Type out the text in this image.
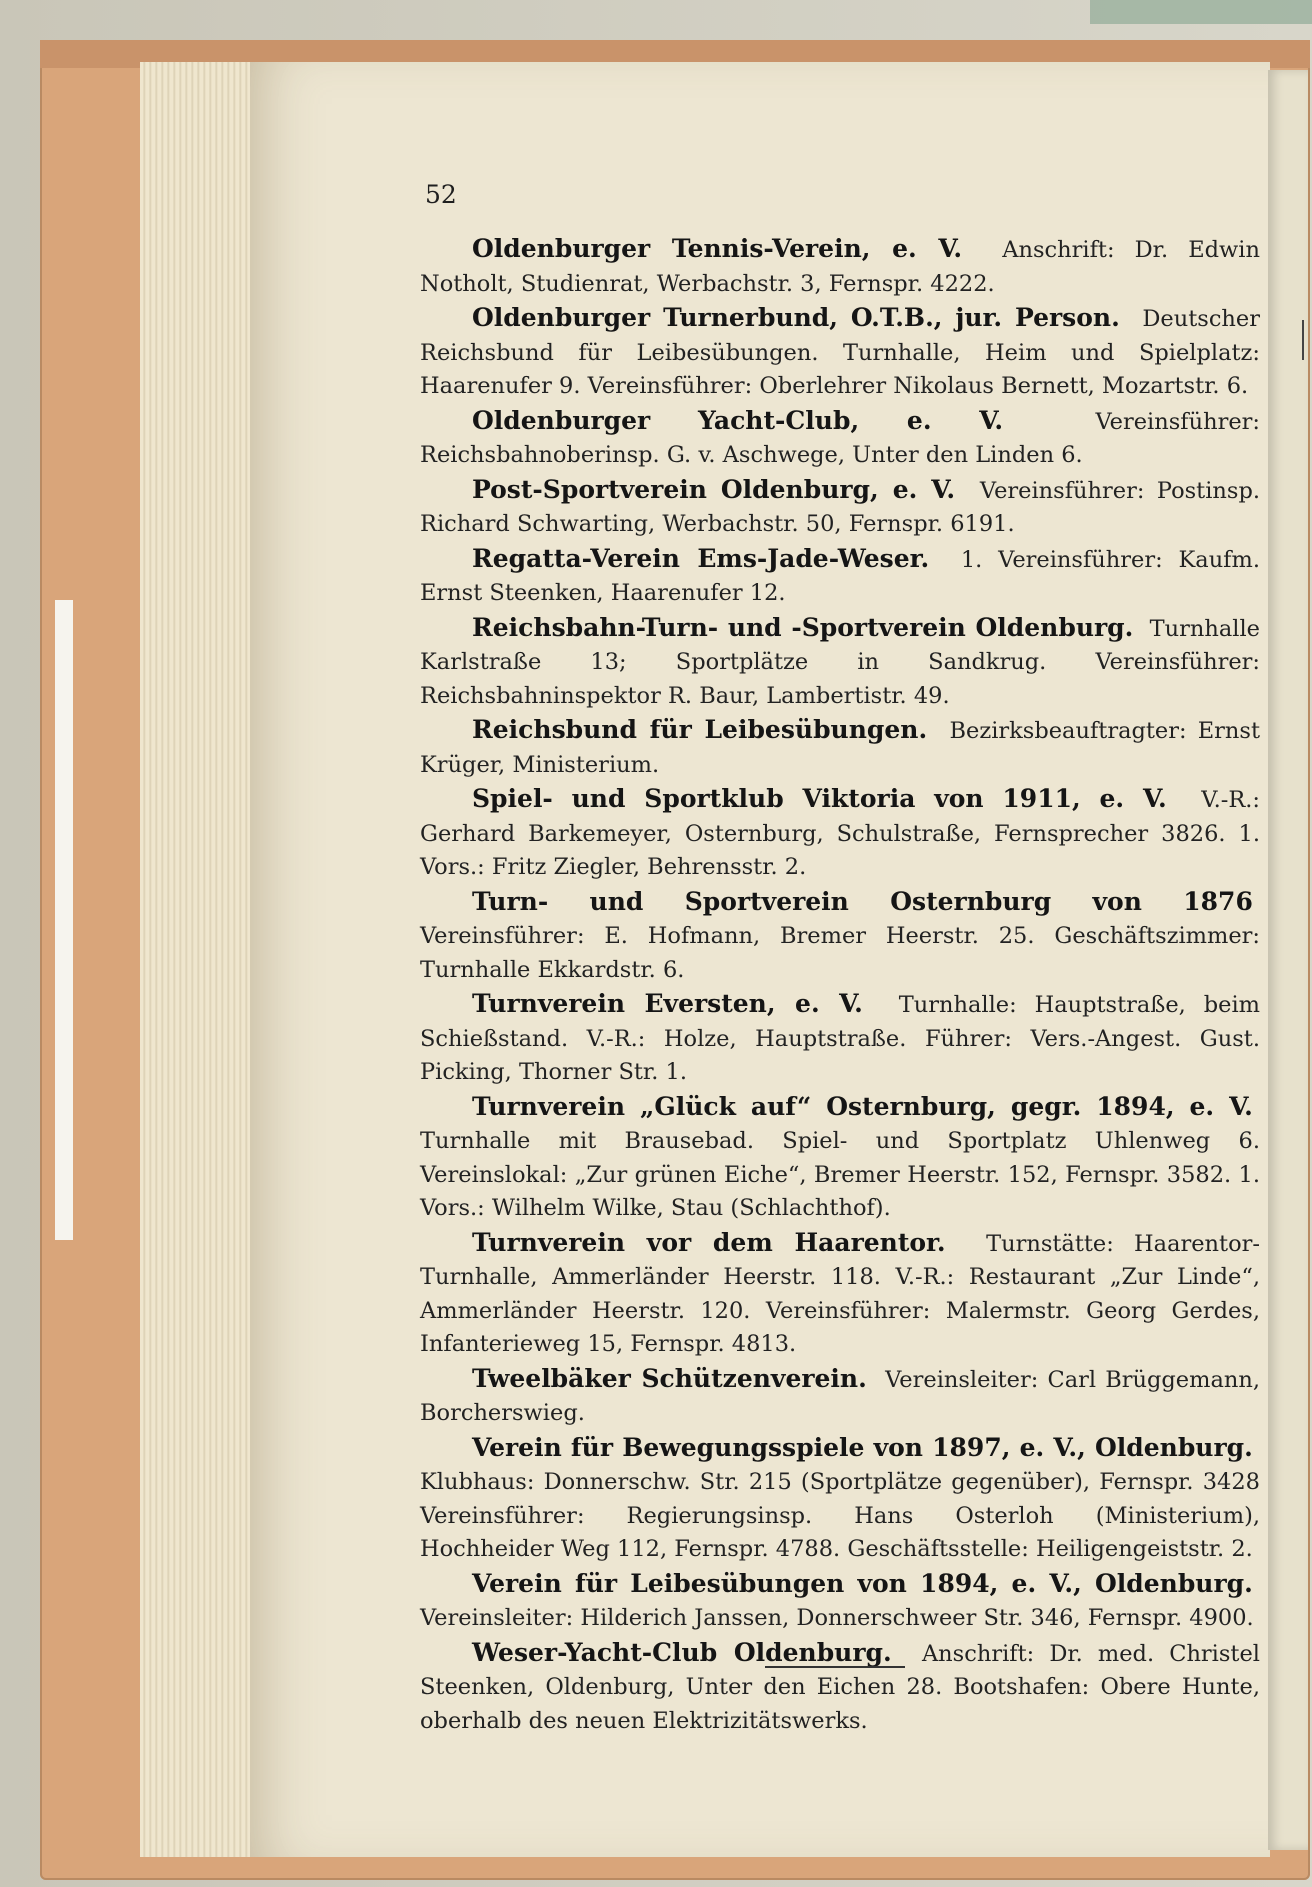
52

Oldenburger Tennis-Verein, e. V. Anschrift: Dr. Edwin Notholt, Studienrat, Werbachstr. 3, Fernspr. 4222.

Oldenburger Turnerbund, O.T.B., jur. Person. Deutscher Reichsbund für Leibesübungen. Turnhalle, Heim und Spielplatz: Haarenufer 9. Vereinsführer: Oberlehrer Nikolaus Bernett, Mozartstr. 6.

Oldenburger Yacht-Club, e. V.	Vereinsführer: Reichsbahnoberinsp. G. v. Aschwege, Unter den Linden 6.

Post-Sportverein Oldenburg, e. V. Vereinsführer: Postinsp. Richard Schwarting, Werbachstr. 50, Fernspr. 6191.

Regatta-Verein Ems-Jade-Weser. 1. Vereinsführer: Kaufm. Ernst Steenken, Haarenufer 12.

Reichsbahn-Turn- und -Sportverein Oldenburg. Turnhalle Karlstraße 13; Sportplätze in Sandkrug. Vereinsführer: Reichsbahninspektor R. Baur, Lambertistr. 49.

Reichsbund für Leibesübungen. Bezirksbeauftragter: Ernst Krüger, Ministerium.

Spiel- und Sportklub Viktoria von 1911, e. V. V.-R.: Gerhard Barkemeyer, Osternburg, Schulstraße, Fernsprecher 3826. 1. Vors.: Fritz Ziegler, Behrensstr. 2.

Turn- und Sportverein Osternburg von 1876  Vereinsführer: E. Hofmann, Bremer Heerstr. 25. Geschäftszimmer: Turnhalle Ekkardstr. 6.

Turnverein Eversten, e. V. Turnhalle: Hauptstraße, beim Schießstand. V.-R.: Holze, Hauptstraße. Führer: Vers.-Angest. Gust. Picking, Thorner Str. 1.

Turnverein „Glück auf“ Osternburg, gegr. 1894, e. V.  Turnhalle mit Brausebad. Spiel- und Sportplatz Uhlenweg 6. Vereinslokal: „Zur grünen Eiche“, Bremer Heerstr. 152, Fernspr. 3582. 1. Vors.: Wilhelm Wilke, Stau (Schlachthof).

Turnverein vor dem Haarentor. Turnstätte: Haarentor-Turnhalle, Ammerländer Heerstr. 118. V.-R.: Restaurant „Zur Linde“, Ammerländer Heerstr. 120. Vereinsführer: Malermstr. Georg Gerdes, Infanterieweg 15, Fernspr. 4813.

Tweelbäker Schützenverein. Vereinsleiter: Carl Brüggemann, Borcherswieg.

Verein für Bewegungsspiele von 1897, e. V., Oldenburg.  Klubhaus: Donnerschw. Str. 215 (Sportplätze gegenüber), Fernspr. 3428 Vereinsführer: Regierungsinsp. Hans Osterloh (Ministerium), Hochheider Weg 112, Fernspr. 4788. Geschäftsstelle: Heiligengeiststr. 2.

Verein für Leibesübungen von 1894, e. V., Oldenburg.  Vereinsleiter: Hilderich Janssen, Donnerschweer Str. 346, Fernspr. 4900.

Weser-Yacht-Club Oldenburg. Anschrift: Dr. med. Christel Steenken, Oldenburg, Unter den Eichen 28. Bootshafen: Obere Hunte, oberhalb des neuen Elektrizitätswerks.
